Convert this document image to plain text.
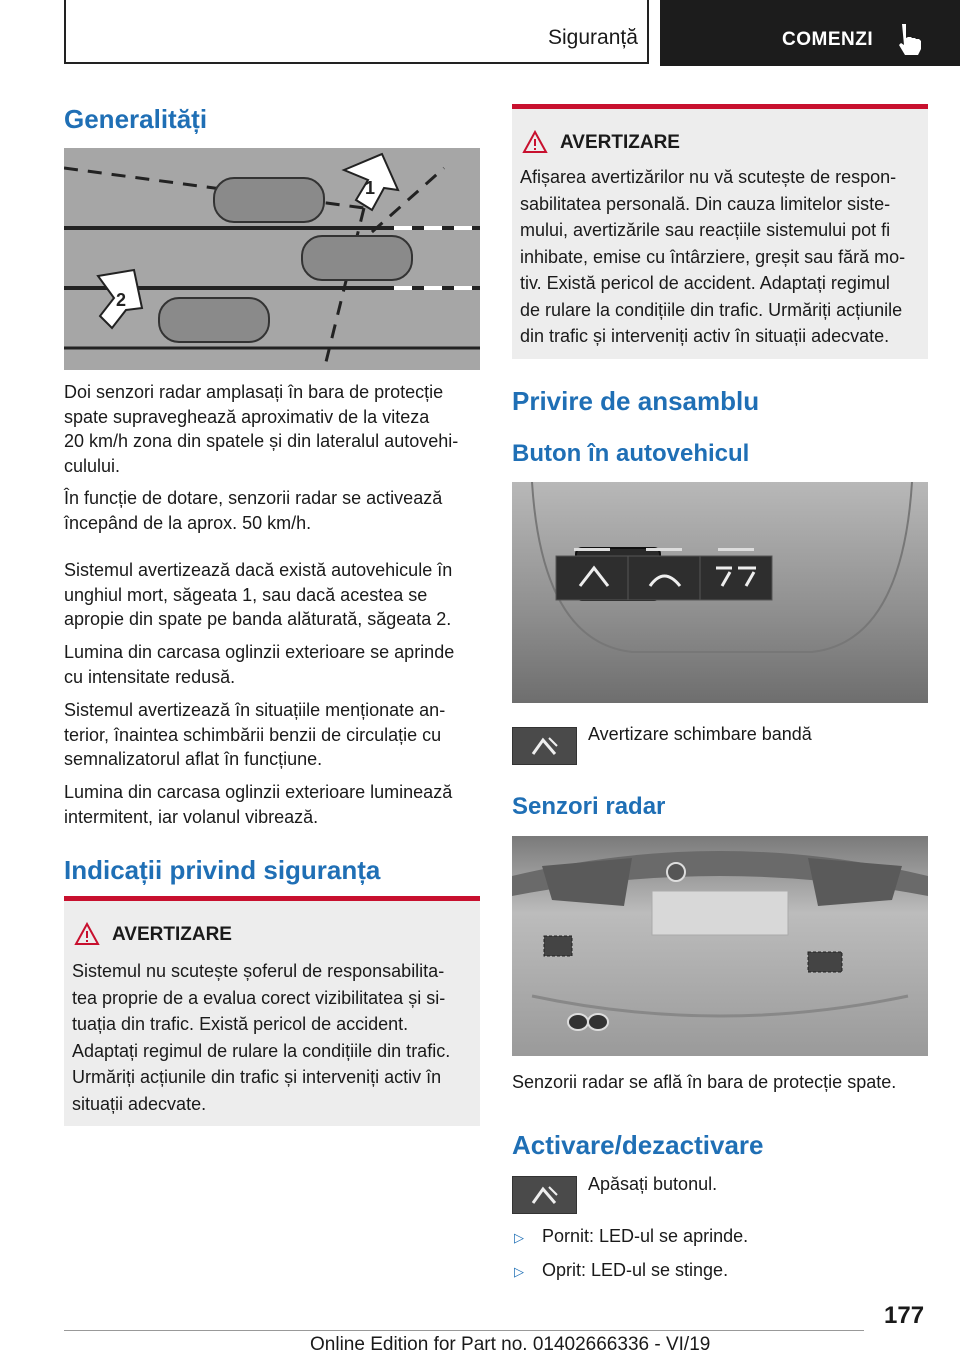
Siguranță	COMENZI
Generalități
1
2
Doi senzori radar amplasați în bara de protecție
spate supraveghează aproximativ de la viteza
20 km/h zona din spatele și din lateralul autovehi-
culului.
În funcție de dotare, senzorii radar se activează
începând de la aprox. 50 km/h.
Sistemul avertizează dacă există autovehicule în
unghiul mort, săgeata 1, sau dacă acestea se
apropie din spate pe banda alăturată, săgeata 2.
Lumina din carcasa oglinzii exterioare se aprinde
cu intensitate redusă.
Sistemul avertizează în situațiile menționate an-
terior, înaintea schimbării benzii de circulație cu
semnalizatorul aflat în funcțiune.
Lumina din carcasa oglinzii exterioare luminează
intermitent, iar volanul vibrează.
Indicații privind siguranța
AVERTIZARE
Sistemul nu scutește șoferul de responsabilita-
tea proprie de a evalua corect vizibilitatea și si-
tuația din trafic. Există pericol de accident.
Adaptați regimul de rulare la condițiile din trafic.
Urmăriți acțiunile din trafic și interveniți activ în
situații adecvate.
AVERTIZARE
Afișarea avertizărilor nu vă scutește de respon-
sabilitatea personală. Din cauza limitelor siste-
mului, avertizările sau reacțiile sistemului pot fi
inhibate, emise cu întârziere, greșit sau fără mo-
tiv. Există pericol de accident. Adaptați regimul
de rulare la condițiile din trafic. Urmăriți acțiunile
din trafic și interveniți activ în situații adecvate.
Privire de ansamblu
Buton în autovehicul
Avertizare schimbare bandă
Senzori radar
Senzorii radar se află în bara de protecție spate.
Activare/dezactivare
Apăsați butonul.
▷ Pornit: LED-ul se aprinde.
▷ Oprit: LED-ul se stinge.
177
Online Edition for Part no. 01402666336 - VI/19
